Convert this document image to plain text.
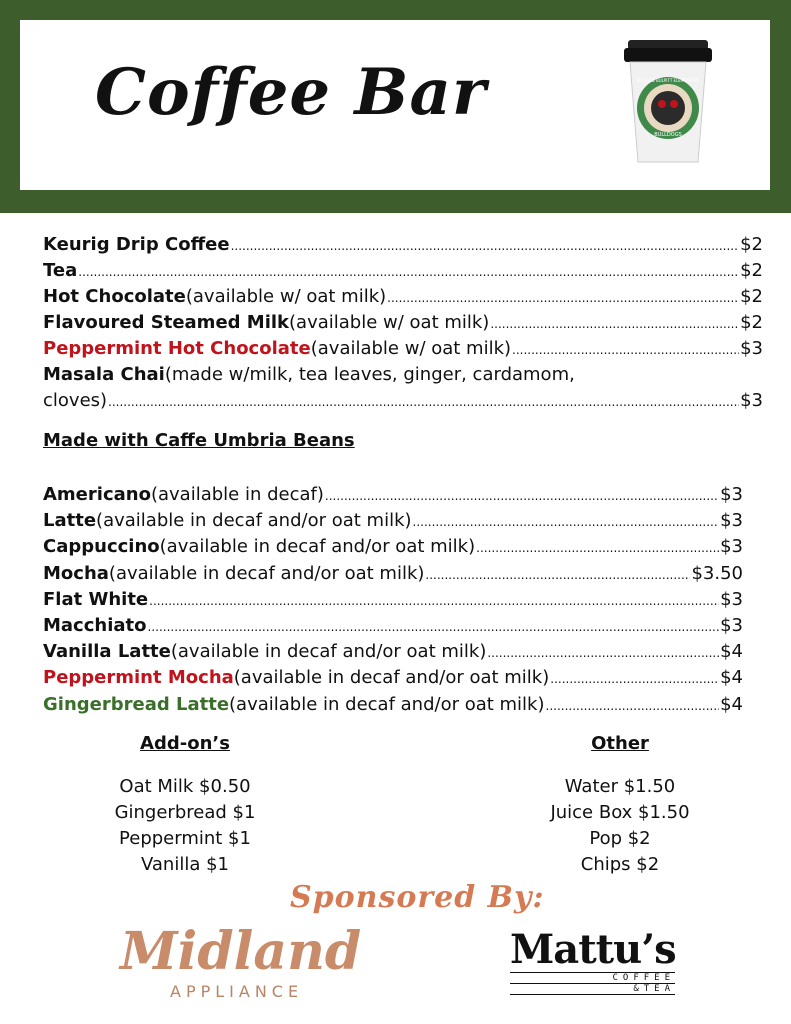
Coffee Bar	RICHARD BULPITT ELEMENTARY
BULLDOGS
Keurig Drip Coffee .....	$2
Tea .....	$2
Hot Chocolate (available w/ oat milk) .....	$2
Flavoured Steamed Milk (available w/ oat milk) .....	$2
Peppermint Hot Chocolate (available w/ oat milk) .....	$3
Masala Chai (made w/milk, tea leaves, ginger, cardamom,
cloves) .....	$3
Made with Caffe Umbria Beans
Americano (available in decaf) .....	$3
Latte (available in decaf and/or oat milk) .....	$3
Cappuccino (available in decaf and/or oat milk) .....	$3
Mocha (available in decaf and/or oat milk) .....	$3.50
Flat White .....	$3
Macchiato .....	$3
Vanilla Latte (available in decaf and/or oat milk) .....	$4
Peppermint Mocha (available in decaf and/or oat milk) .....	$4
Gingerbread Latte (available in decaf and/or oat milk) .....	$4
Add-on’s
Oat Milk $0.50
Gingerbread $1
Peppermint $1
Vanilla $1
Other
Water $1.50
Juice Box $1.50
Pop $2
Chips $2
Sponsored By:
Midland
APPLIANCE
Mattu’s
COFFEE
&TEA
